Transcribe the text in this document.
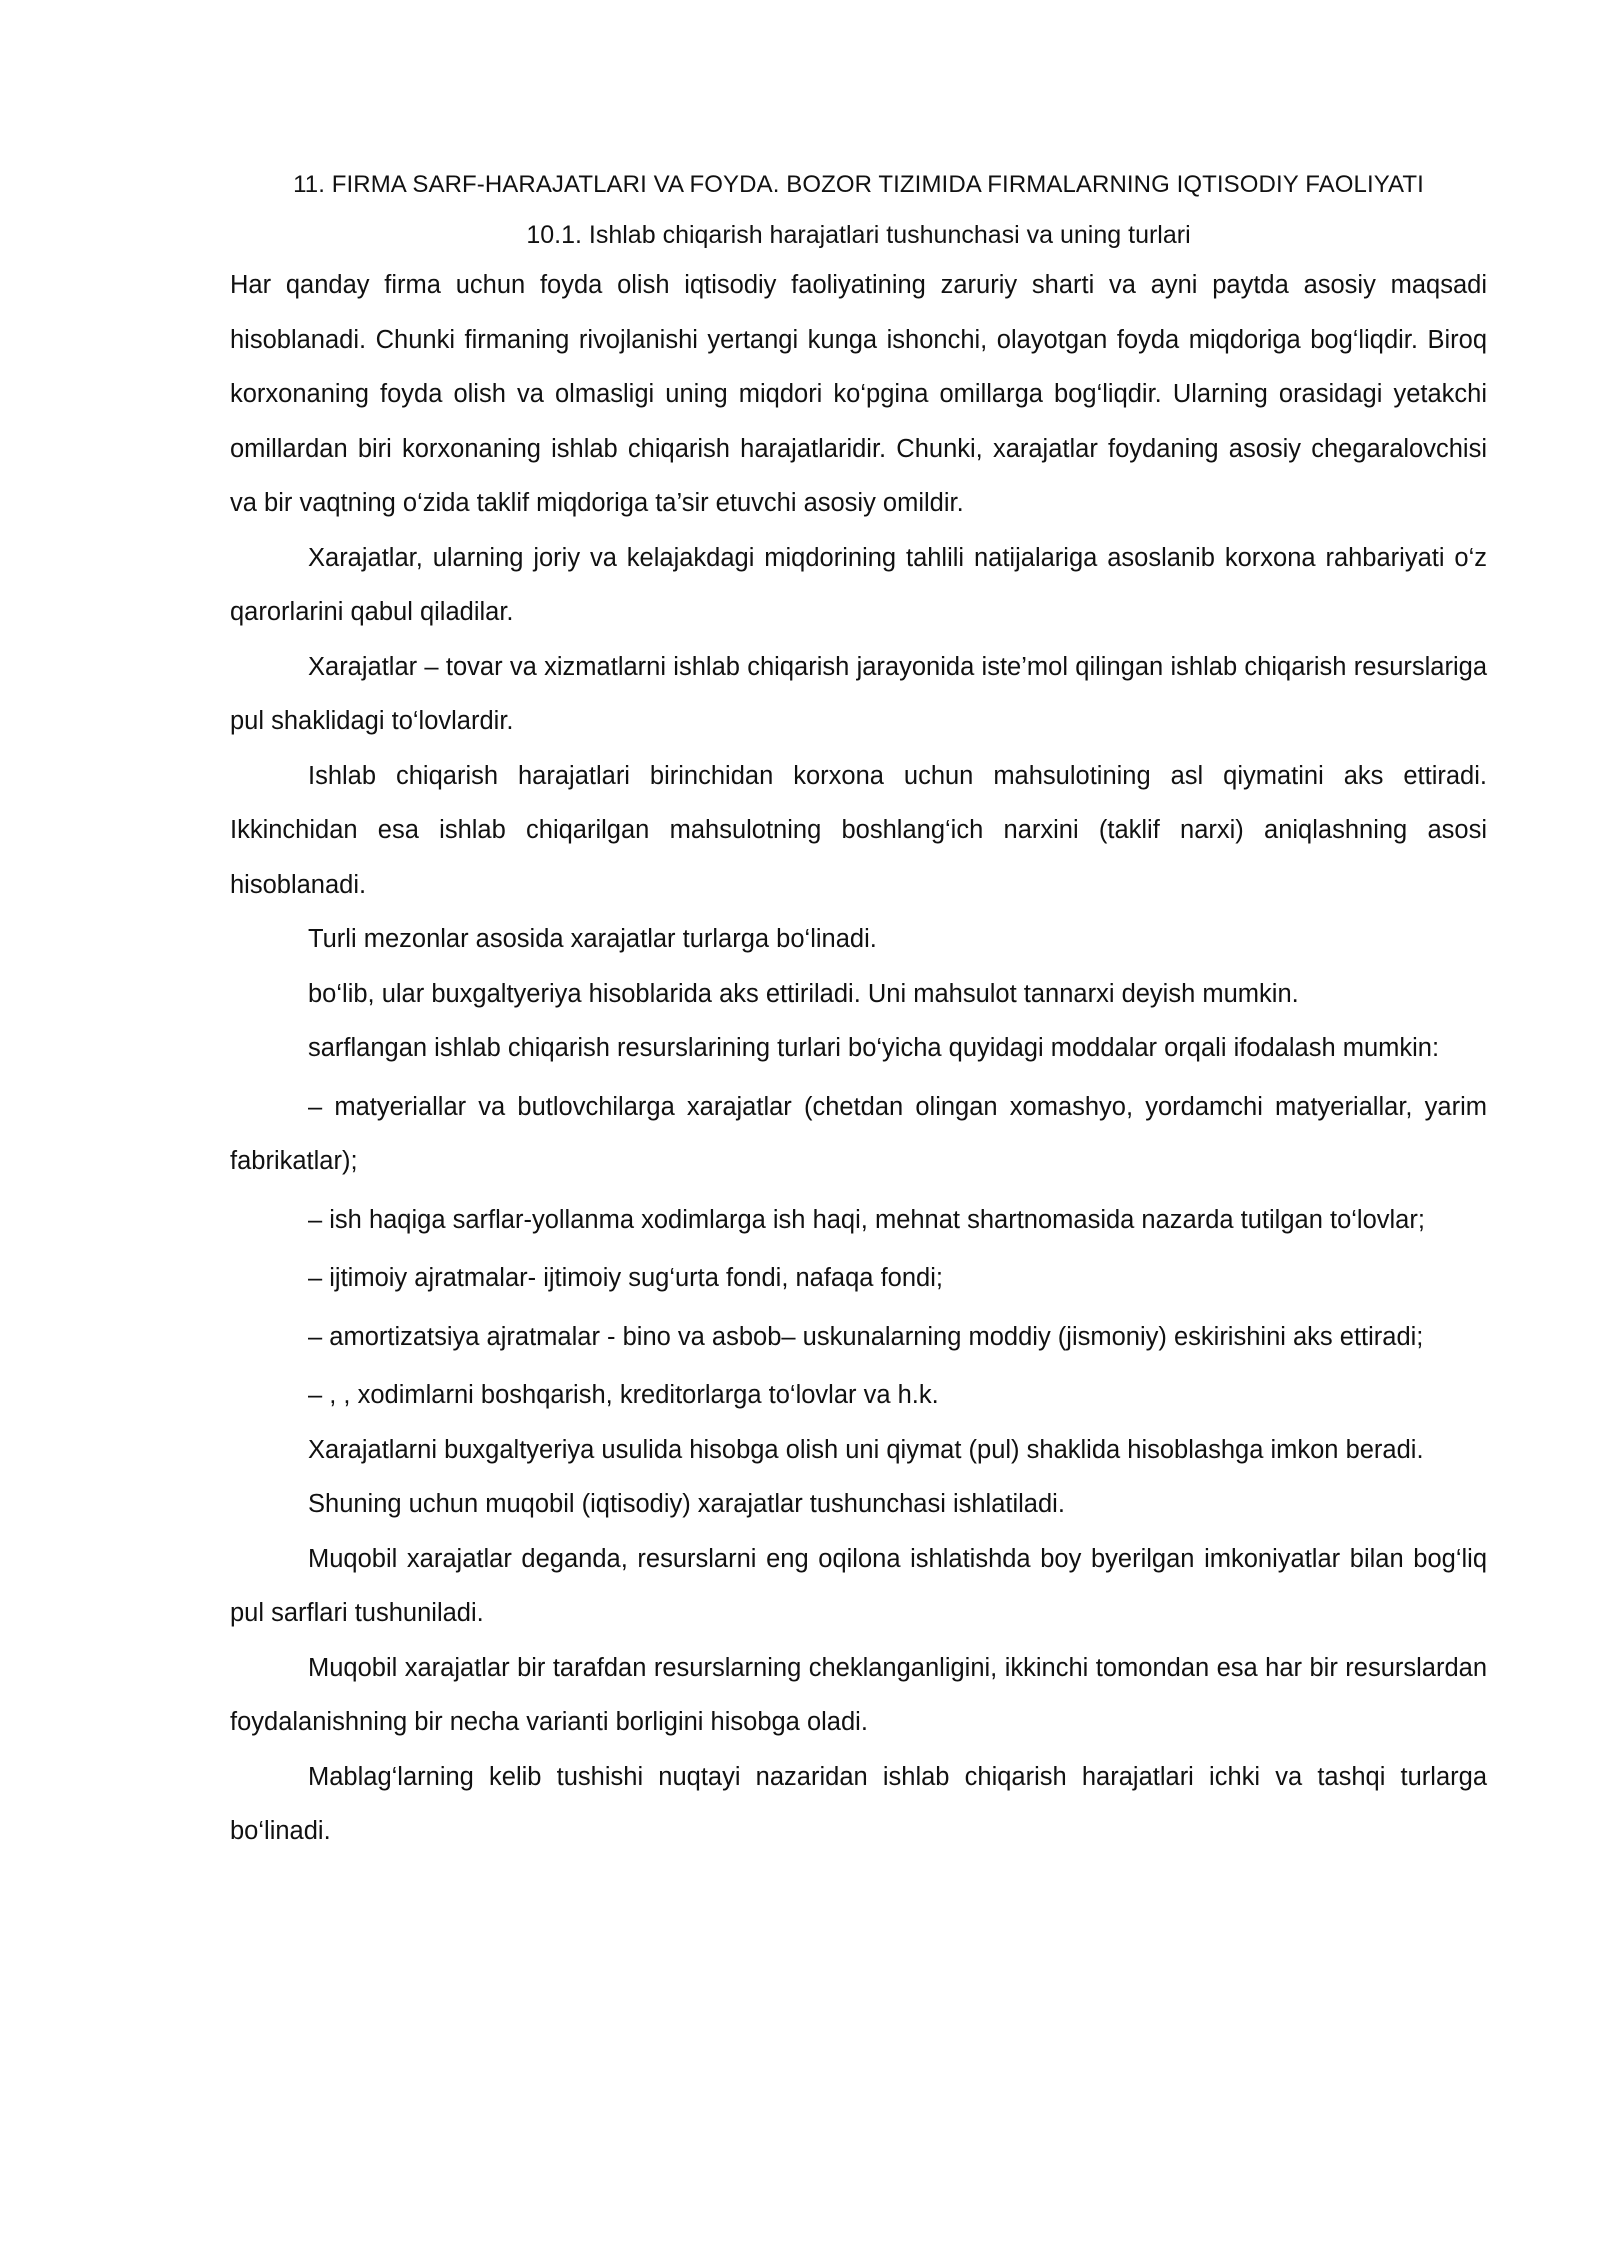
11. FIRMA SARF-HARAJATLARI VA FOYDA. BOZOR TIZIMIDA FIRMALARNING IQTISODIY FAOLIYATI

10.1. Ishlab chiqarish harajatlari tushunchasi va uning turlari

Har qanday firma uchun foyda olish iqtisodiy faoliyatining zaruriy sharti va ayni paytda asosiy maqsadi hisoblanadi. Chunki firmaning rivojlanishi yertangi kunga ishonchi, olayotgan foyda miqdoriga bog‘liqdir. Biroq korxonaning foyda olish va olmasligi uning miqdori ko‘pgina omillarga bog‘liqdir. Ularning orasidagi yetakchi omillardan biri korxonaning ishlab chiqarish harajatlaridir. Chunki, xarajatlar foydaning asosiy chegaralovchisi va bir vaqtning o‘zida taklif miqdoriga ta’sir etuvchi asosiy omildir.

Xarajatlar, ularning joriy va kelajakdagi miqdorining tahlili natijalariga asoslanib korxona rahbariyati o‘z qarorlarini qabul qiladilar.

Xarajatlar – tovar va xizmatlarni ishlab chiqarish jarayonida iste’mol qilingan ishlab chiqarish resurslariga pul shaklidagi to‘lovlardir.

Ishlab chiqarish harajatlari birinchidan korxona uchun mahsulotining asl qiymatini aks ettiradi. Ikkinchidan esa ishlab chiqarilgan mahsulotning boshlang‘ich narxini (taklif narxi) aniqlashning asosi hisoblanadi.

Turli mezonlar asosida xarajatlar turlarga bo‘linadi.

bo‘lib, ular buxgaltyeriya hisoblarida aks ettiriladi. Uni mahsulot tannarxi deyish mumkin.

sarflangan ishlab chiqarish resurslarining turlari bo‘yicha quyidagi moddalar orqali ifodalash mumkin:

– matyeriallar va butlovchilarga xarajatlar (chetdan olingan xomashyo, yordamchi matyeriallar, yarim fabrikatlar);

– ish haqiga sarflar-yollanma xodimlarga ish haqi, mehnat shartnomasida nazarda tutilgan to‘lovlar;

– ijtimoiy ajratmalar- ijtimoiy sug‘urta fondi, nafaqa fondi;

– amortizatsiya ajratmalar - bino va asbob– uskunalarning moddiy (jismoniy) eskirishini aks ettiradi;

– , , xodimlarni boshqarish, kreditorlarga to‘lovlar va h.k.

Xarajatlarni buxgaltyeriya usulida hisobga olish uni qiymat (pul) shaklida hisoblashga imkon beradi.

Shuning uchun muqobil (iqtisodiy) xarajatlar tushunchasi ishlatiladi.

Muqobil xarajatlar deganda, resurslarni eng oqilona ishlatishda boy byerilgan imkoniyatlar bilan bog‘liq pul sarflari tushuniladi.

Muqobil xarajatlar bir tarafdan resurslarning cheklanganligini, ikkinchi tomondan esa har bir resurslardan foydalanishning bir necha varianti borligini hisobga oladi.

Mablag‘larning kelib tushishi nuqtayi nazaridan ishlab chiqarish harajatlari ichki va tashqi turlarga bo‘linadi.
